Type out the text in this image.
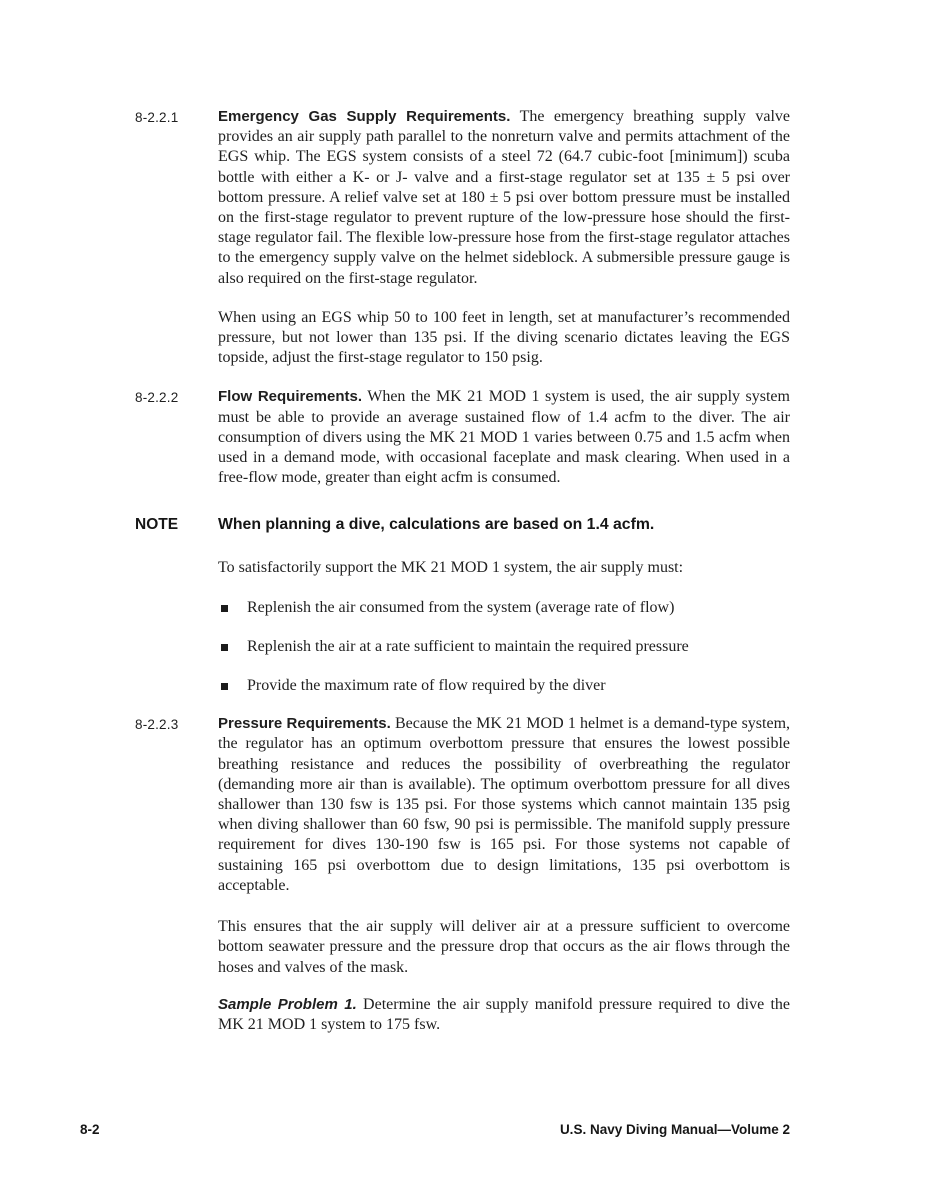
8-2.2.1	Emergency Gas Supply Requirements. The emergency breathing supply valve provides an air supply path parallel to the nonreturn valve and permits attachment of the EGS whip. The EGS system consists of a steel 72 (64.7 cubic-foot [minimum]) scuba bottle with either a K- or J- valve and a first-stage regulator set at 135 ± 5 psi over bottom pressure. A relief valve set at 180 ± 5 psi over bottom pressure must be installed on the first-stage regulator to prevent rupture of the low-pressure hose should the first-stage regulator fail. The flexible low-pressure hose from the first-stage regulator attaches to the emergency supply valve on the helmet sideblock. A submersible pressure gauge is also required on the first-stage regulator.

When using an EGS whip 50 to 100 feet in length, set at manufacturer’s recommended pressure, but not lower than 135 psi. If the diving scenario dictates leaving the EGS topside, adjust the first-stage regulator to 150 psig.

8-2.2.2	Flow Requirements. When the MK 21 MOD 1 system is used, the air supply system must be able to provide an average sustained flow of 1.4 acfm to the diver. The air consumption of divers using the MK 21 MOD 1 varies between 0.75 and 1.5 acfm when used in a demand mode, with occasional faceplate and mask clearing. When used in a free-flow mode, greater than eight acfm is consumed.

NOTE	When planning a dive, calculations are based on 1.4 acfm.

To satisfactorily support the MK 21 MOD 1 system, the air supply must:

Replenish the air consumed from the system (average rate of flow)
Replenish the air at a rate sufficient to maintain the required pressure
Provide the maximum rate of flow required by the diver
8-2.2.3	Pressure Requirements. Because the MK 21 MOD 1 helmet is a demand-type system, the regulator has an optimum overbottom pressure that ensures the lowest possible breathing resistance and reduces the possibility of overbreathing the regulator (demanding more air than is available). The optimum overbottom pressure for all dives shallower than 130 fsw is 135 psi. For those systems which cannot maintain 135 psig when diving shallower than 60 fsw, 90 psi is permissible. The manifold supply pressure requirement for dives 130-190 fsw is 165 psi. For those systems not capable of sustaining 165 psi overbottom due to design limitations, 135 psi overbottom is acceptable.

This ensures that the air supply will deliver air at a pressure sufficient to overcome bottom seawater pressure and the pressure drop that occurs as the air flows through the hoses and valves of the mask.

Sample Problem 1. Determine the air supply manifold pressure required to dive the MK 21 MOD 1 system to 175 fsw.

8-2	U.S. Navy Diving Manual—Volume 2
